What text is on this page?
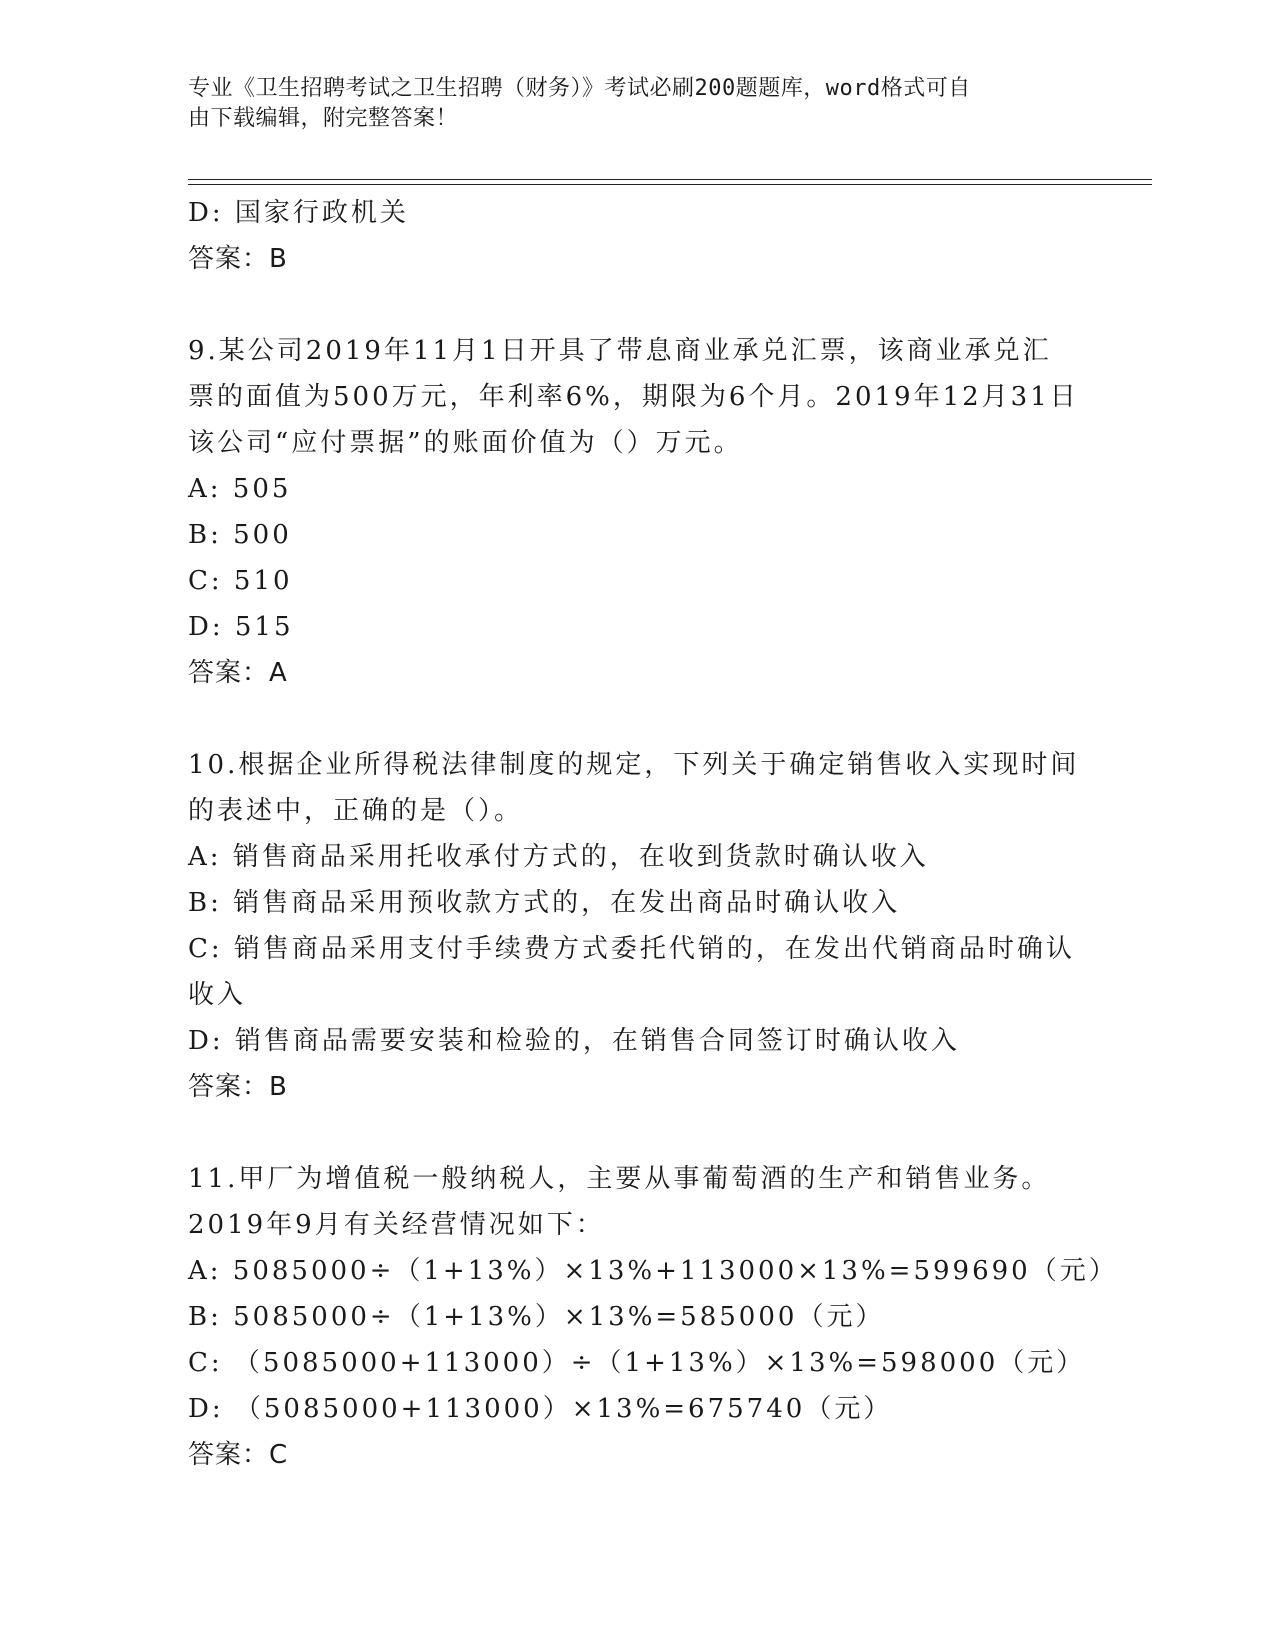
专业《卫生招聘考试之卫生招聘（财务）》考试必刷200题题库，word格式可自
由下载编辑，附完整答案！
D: 国家行政机关
答案：B
9.某公司2019年11月1日开具了带息商业承兑汇票，该商业承兑汇
票的面值为500万元，年利率6%，期限为6个月。2019年12月31日
该公司“应付票据”的账面价值为（）万元。
A: 505
B: 500
C: 510
D: 515
答案：A
10.根据企业所得税法律制度的规定，下列关于确定销售收入实现时间
的表述中，正确的是（）。
A: 销售商品采用托收承付方式的，在收到货款时确认收入
B: 销售商品采用预收款方式的，在发出商品时确认收入
C: 销售商品采用支付手续费方式委托代销的，在发出代销商品时确认
收入
D: 销售商品需要安装和检验的，在销售合同签订时确认收入
答案：B
11.甲厂为增值税一般纳税人，主要从事葡萄酒的生产和销售业务。
2019年9月有关经营情况如下：
A: 5085000÷（1+13%）×13%+113000×13%=599690（元）
B: 5085000÷（1+13%）×13%=585000（元）
C: （5085000+113000）÷（1+13%）×13%=598000（元）
D: （5085000+113000）×13%=675740（元）
答案：C
